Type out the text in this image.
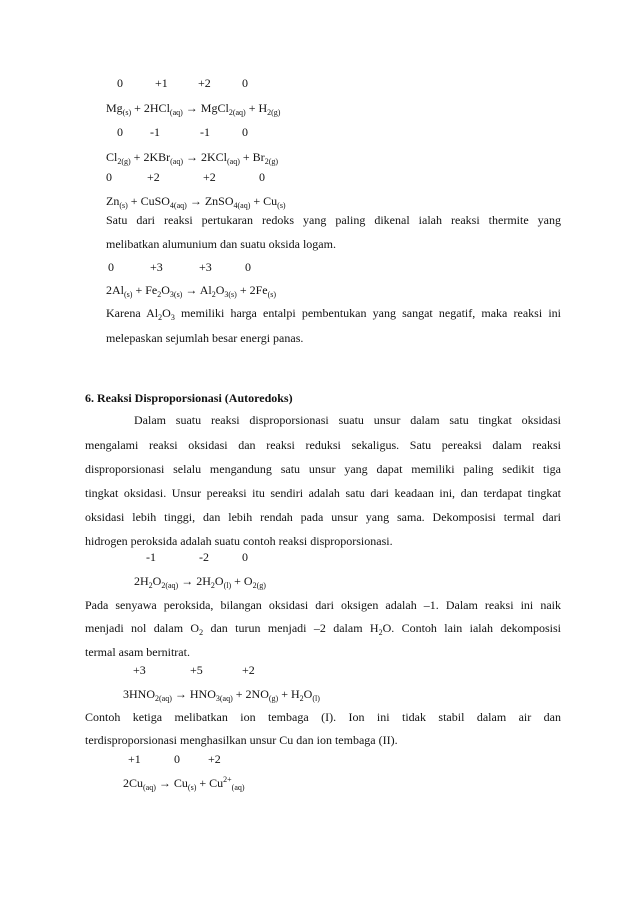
0	+1	+2	0
$Mg_{(s)} + 2HCl_{(aq)}$ → MgCl$_{2(aq)}$ + $H_{2(g)}$
0 -1	-1	0
$Cl_{2(g)} + 2KBr_{(aq)} \to 2KCl_{(aq)} + Br_{2(g)}$
0	+2	+2	0
$Zn_{(s)}$ + CuSO$_{4(aq)}$ → ZnSO$_{4(aq)}$ + $Cu_{(s)}$
Satu dari reaksi pertukaran redoks yang paling dikenal ialah reaksi thermite yang
melibatkan alumunium dan suatu oksida logam.
0	+3	+3	0
$2Al_{(s)} + Fe_2O_{3(s)} \to Al_2O_{3(s)} + 2Fe_{(s)}$
Karena $Al_2O_3$ memiliki harga entalpi pembentukan yang sangat negatif, maka reaksi ini
melepaskan sejumlah besar energi panas.
6. Reaksi Disproporsionasi (Autoredoks)
Dalam suatu reaksi disproporsionasi suatu unsur dalam satu tingkat oksidasi
mengalami reaksi oksidasi dan reaksi reduksi sekaligus. Satu pereaksi dalam reaksi
disproporsionasi selalu mengandung satu unsur yang dapat memiliki paling sedikit tiga
tingkat oksidasi. Unsur pereaksi itu sendiri adalah satu dari keadaan ini, dan terdapat tingkat
oksidasi lebih tinggi, dan lebih rendah pada unsur yang sama. Dekomposisi termal dari
hidrogen peroksida adalah suatu contoh reaksi disproporsionasi.
-1	-2	0
$2H_2O_{2(aq)} \to 2H_2O_{(l)} + O_{2(g)}$
Pada senyawa peroksida, bilangan oksidasi dari oksigen adalah –1. Dalam reaksi ini naik
menjadi nol dalam $O_2$ dan turun menjadi –2 dalam $H_2O$. Contoh lain ialah dekomposisi
termal asam bernitrat.
+3	+5	+2
$3HNO_{2(aq)} \to HNO_{3(aq)} + 2NO_{(g)} + H_2O_{(l)}$
Contoh ketiga melibatkan ion tembaga (I). Ion ini tidak stabil dalam air dan
terdisproporsionasi menghasilkan unsur Cu dan ion tembaga (II).
+1	0 +2
$2Cu_{(aq)} \to Cu_{(s)} + Cu^{2+}_{(aq)}$
